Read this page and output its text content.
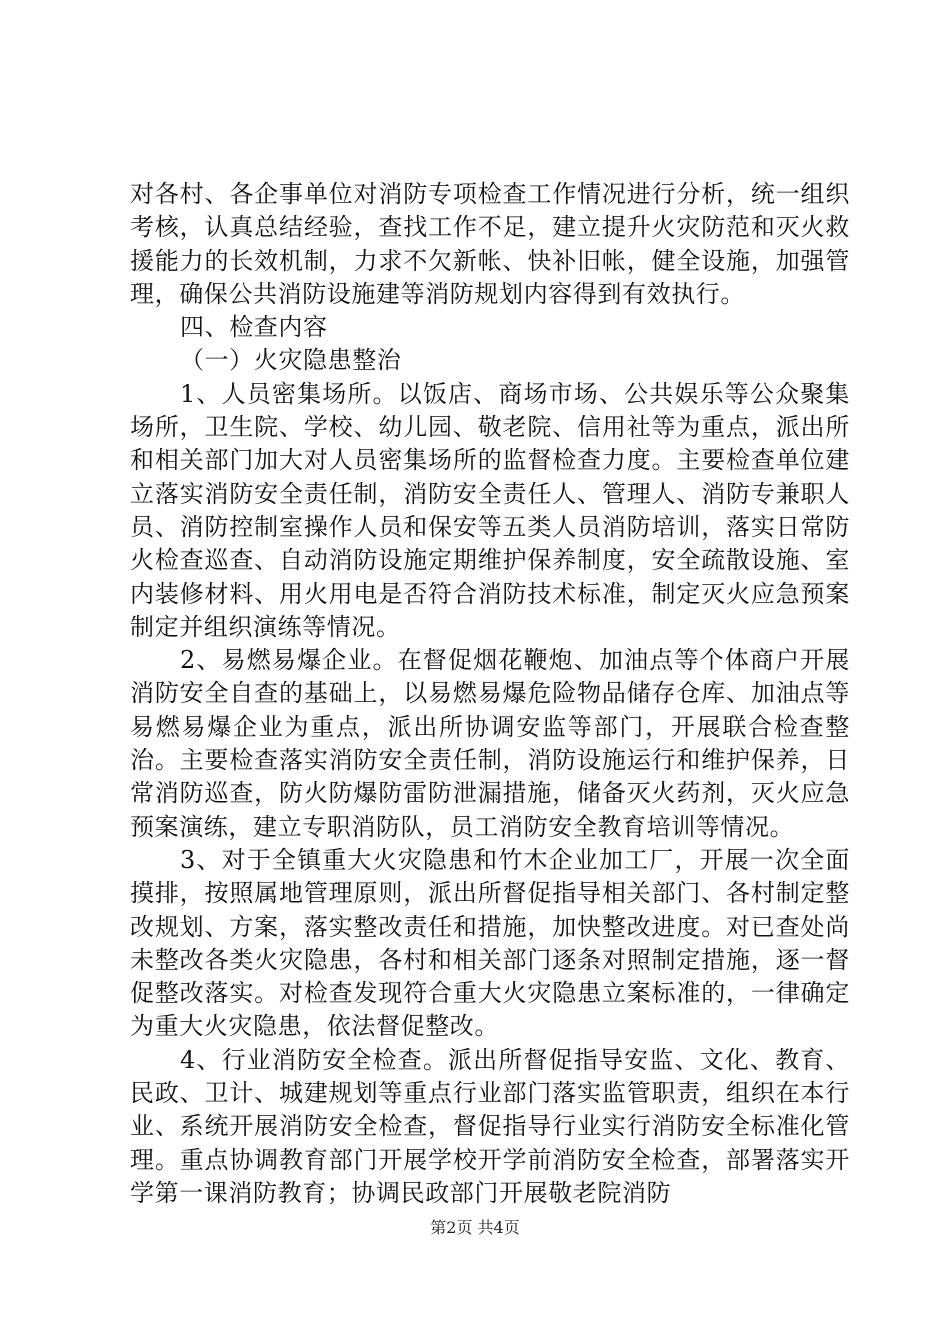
对各村、各企事单位对消防专项检查工作情况进行分析，统一组织考核，认真总结经验，查找工作不足，建立提升火灾防范和灭火救援能力的长效机制，力求不欠新帐、快补旧帐，健全设施，加强管理，确保公共消防设施建等消防规划内容得到有效执行。

四、检查内容

（一）火灾隐患整治

1、人员密集场所。以饭店、商场市场、公共娱乐等公众聚集场所，卫生院、学校、幼儿园、敬老院、信用社等为重点，派出所和相关部门加大对人员密集场所的监督检查力度。主要检查单位建立落实消防安全责任制，消防安全责任人、管理人、消防专兼职人员、消防控制室操作人员和保安等五类人员消防培训，落实日常防火检查巡查、自动消防设施定期维护保养制度，安全疏散设施、室内装修材料、用火用电是否符合消防技术标准，制定灭火应急预案制定并组织演练等情况。

2、易燃易爆企业。在督促烟花鞭炮、加油点等个体商户开展消防安全自查的基础上，以易燃易爆危险物品储存仓库、加油点等易燃易爆企业为重点，派出所协调安监等部门，开展联合检查整治。主要检查落实消防安全责任制，消防设施运行和维护保养，日常消防巡查，防火防爆防雷防泄漏措施，储备灭火药剂，灭火应急预案演练，建立专职消防队，员工消防安全教育培训等情况。

3、对于全镇重大火灾隐患和竹木企业加工厂，开展一次全面摸排，按照属地管理原则，派出所督促指导相关部门、各村制定整改规划、方案，落实整改责任和措施，加快整改进度。对已查处尚未整改各类火灾隐患，各村和相关部门逐条对照制定措施，逐一督促整改落实。对检查发现符合重大火灾隐患立案标准的，一律确定为重大火灾隐患，依法督促整改。

4、行业消防安全检查。派出所督促指导安监、文化、教育、民政、卫计、城建规划等重点行业部门落实监管职责，组织在本行业、系统开展消防安全检查，督促指导行业实行消防安全标准化管理。重点协调教育部门开展学校开学前消防安全检查，部署落实开学第一课消防教育；协调民政部门开展敬老院消防

第2页 共4页
